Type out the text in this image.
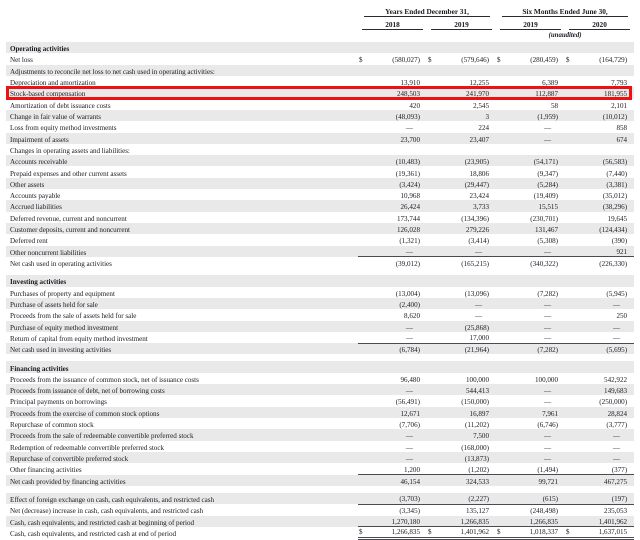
	Years Ended December 31,				Six Months Ended June 30,			

	2018		2019		2019		2020	

					(unaudited)			

Operating activities								
Net loss	$	(580,027)	$	(579,646)	$	(280,459)	$	(164,729)
Adjustments to reconcile net loss to net cash used in operating activities:								
Depreciation and amortization		13,910		12,255		6,389		7,793
Stock-based compensation		248,503		241,970		112,887		181,955
Amortization of debt issuance costs		420		2,545		58		2,101
Change in fair value of warrants		(48,093)		3		(1,959)		(10,012)
Loss from equity method investments		—		224		—		858
Impairment of assets		23,700		23,407		—		674
Changes in operating assets and liabilities:								
Accounts receivable		(10,483)		(23,905)		(54,171)		(56,583)
Prepaid expenses and other current assets		(19,361)		18,806		(9,347)		(7,440)
Other assets		(3,424)		(29,447)		(5,284)		(3,381)
Accounts payable		10,968		23,424		(19,409)		(35,012)
Accrued liabilities		26,424		3,733		15,515		(38,296)
Deferred revenue, current and noncurrent		173,744		(134,396)		(230,701)		19,645
Customer deposits, current and noncurrent		126,028		279,226		131,467		(124,434)
Deferred rent		(1,321)		(3,414)		(5,308)		(390)
Other noncurrent liabilities		—		—		—		921
Net cash used in operating activities		(39,012)		(165,215)		(340,322)		(226,330)

Investing activities								
Purchases of property and equipment		(13,004)		(13,096)		(7,282)		(5,945)
Purchase of assets held for sale		(2,400)		—		—		—
Proceeds from the sale of assets held for sale		8,620		—		—		250
Purchase of equity method investment		—		(25,868)		—		—
Return of capital from equity method investment		—		17,000		—		—
Net cash used in investing activities		(6,784)		(21,964)		(7,282)		(5,695)

Financing activities								
Proceeds from the issuance of common stock, net of issuance costs		96,480		100,000		100,000		542,922
Proceeds from issuance of debt, net of borrowing costs		—		544,413		—		149,683
Principal payments on borrowings		(56,491)		(150,000)		—		(250,000)
Proceeds from the exercise of common stock options		12,671		16,897		7,961		28,824
Repurchase of common stock		(7,706)		(11,202)		(6,746)		(3,777)
Proceeds from the sale of redeemable convertible preferred stock		—		7,500		—		—
Redemption of redeemable convertible preferred stock		—		(168,000)		—		—
Repurchase of convertible preferred stock		—		(13,873)		—		—
Other financing activities		1,200		(1,202)		(1,494)		(377)
Net cash provided by financing activities		46,154		324,533		99,721		467,275

Effect of foreign exchange on cash, cash equivalents, and restricted cash		(3,703)		(2,227)		(615)		(197)
Net (decrease) increase in cash, cash equivalents, and restricted cash		(3,345)		135,127		(248,498)		235,053
Cash, cash equivalents, and restricted cash at beginning of period		1,270,180		1,266,835		1,266,835		1,401,962
Cash, cash equivalents, and restricted cash at end of period	$	1,266,835	$	1,401,962	$	1,018,337	$	1,637,015
